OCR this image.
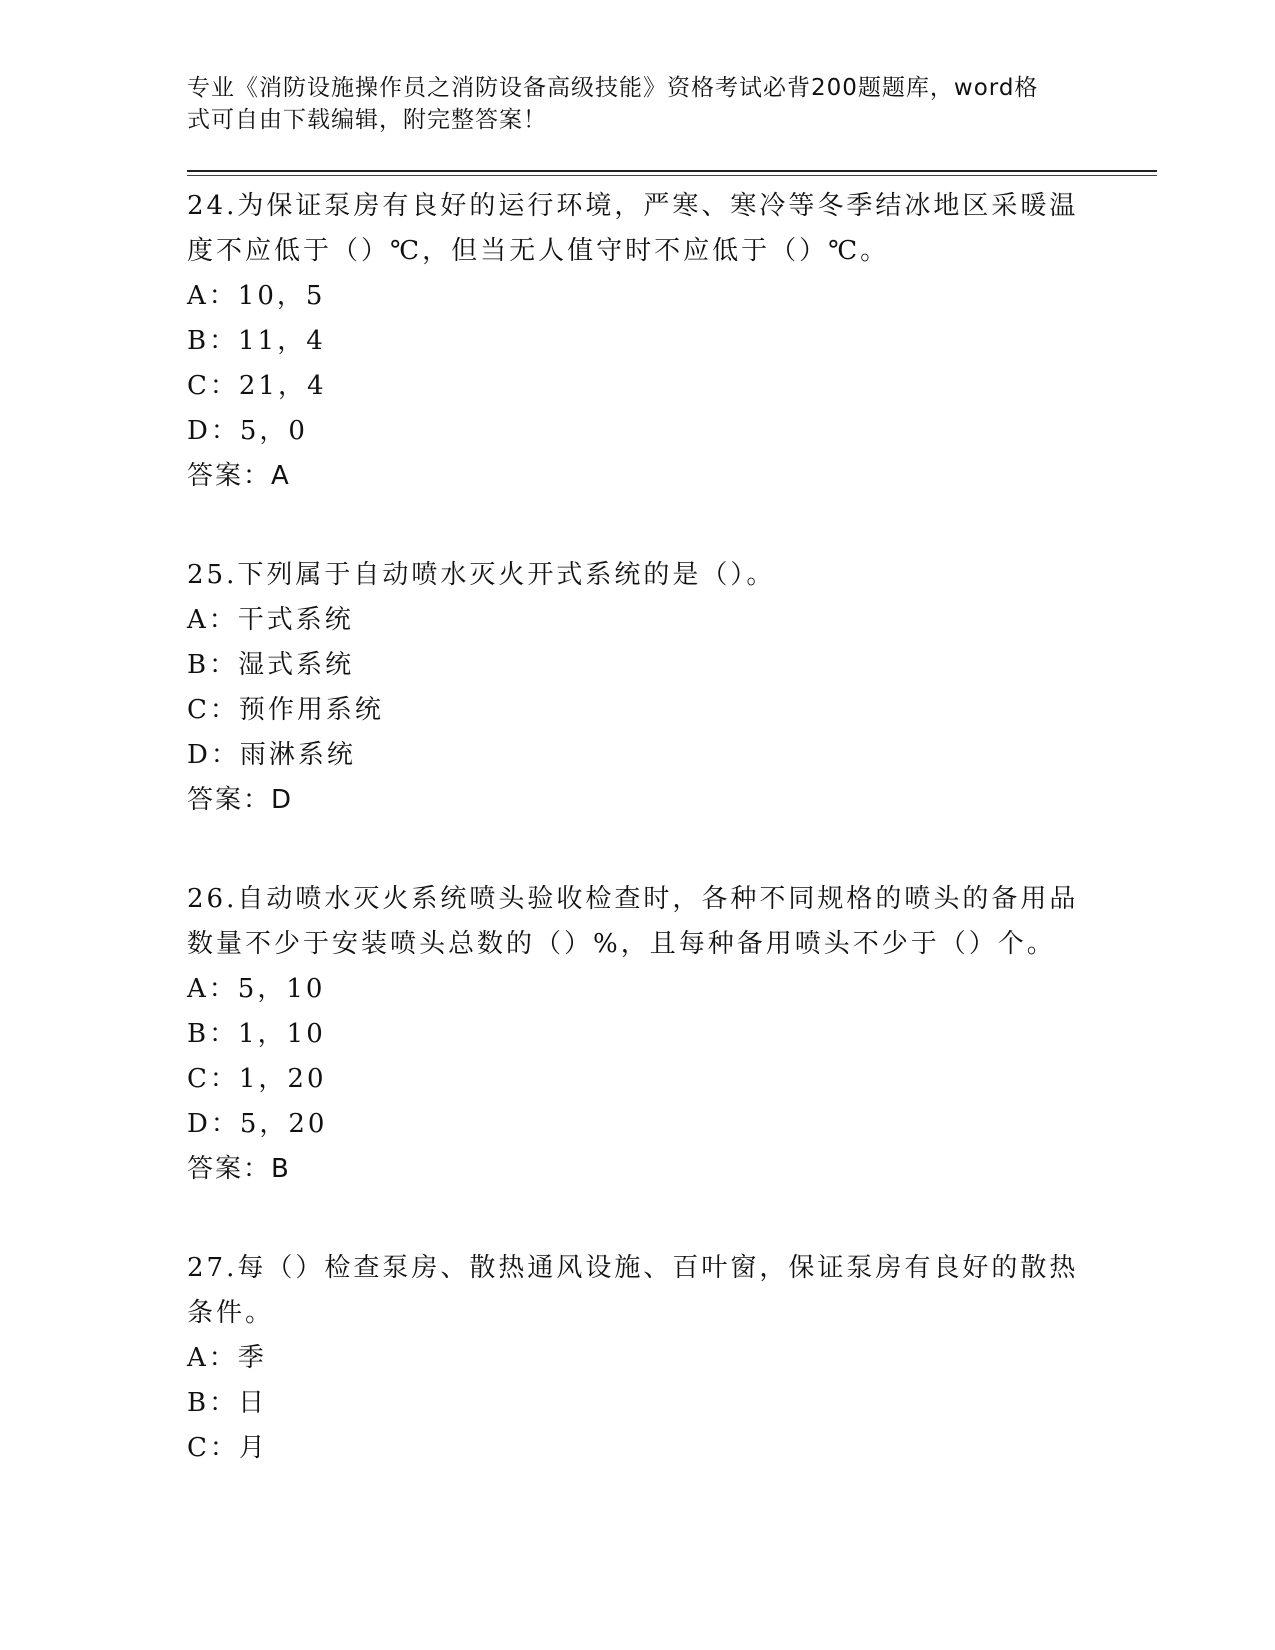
专业《消防设施操作员之消防设备高级技能》资格考试必背200题题库，word格
式可自由下载编辑，附完整答案！
24.为保证泵房有良好的运行环境，严寒、寒冷等冬季结冰地区采暖温
度不应低于（）℃，但当无人值守时不应低于（）℃。
A：10，5
B：11，4
C：21，4
D：5，0
答案：A
25.下列属于自动喷水灭火开式系统的是（）。
A：干式系统
B：湿式系统
C：预作用系统
D：雨淋系统
答案：D
26.自动喷水灭火系统喷头验收检查时，各种不同规格的喷头的备用品
数量不少于安装喷头总数的（）%，且每种备用喷头不少于（）个。
A：5，10
B：1，10
C：1，20
D：5，20
答案：B
27.每（）检查泵房、散热通风设施、百叶窗，保证泵房有良好的散热
条件。
A：季
B：日
C：月
